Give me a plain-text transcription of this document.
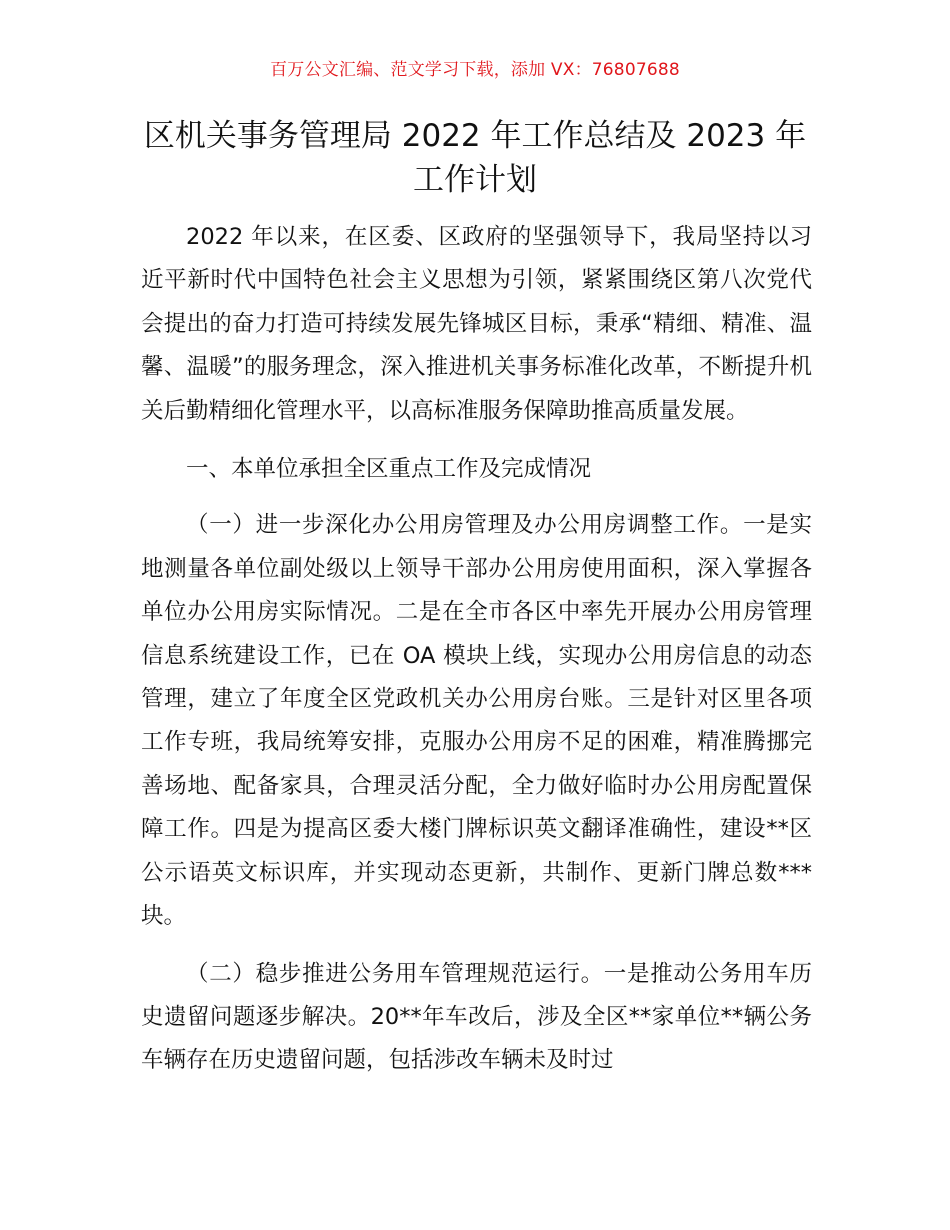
百万公文汇编、范文学习下载，添加 VX：76807688
区机关事务管理局 2022 年工作总结及 2023 年工作计划

2022 年以来，在区委、区政府的坚强领导下，我局坚持以习近平新时代中国特色社会主义思想为引领，紧紧围绕区第八次党代会提出的奋力打造可持续发展先锋城区目标，秉承“精细、精准、温馨、温暖”的服务理念，深入推进机关事务标准化改革，不断提升机关后勤精细化管理水平，以高标准服务保障助推高质量发展。

一、本单位承担全区重点工作及完成情况

（一）进一步深化办公用房管理及办公用房调整工作。一是实地测量各单位副处级以上领导干部办公用房使用面积，深入掌握各单位办公用房实际情况。二是在全市各区中率先开展办公用房管理信息系统建设工作，已在 OA 模块上线，实现办公用房信息的动态管理，建立了年度全区党政机关办公用房台账。三是针对区里各项工作专班，我局统筹安排，克服办公用房不足的困难，精准腾挪完善场地、配备家具，合理灵活分配，全力做好临时办公用房配置保障工作。四是为提高区委大楼门牌标识英文翻译准确性，建设**区公示语英文标识库，并实现动态更新，共制作、更新门牌总数***块。

（二）稳步推进公务用车管理规范运行。一是推动公务用车历史遗留问题逐步解决。20**年车改后，涉及全区**家单位**辆公务车辆存在历史遗留问题，包括涉改车辆未及时过
